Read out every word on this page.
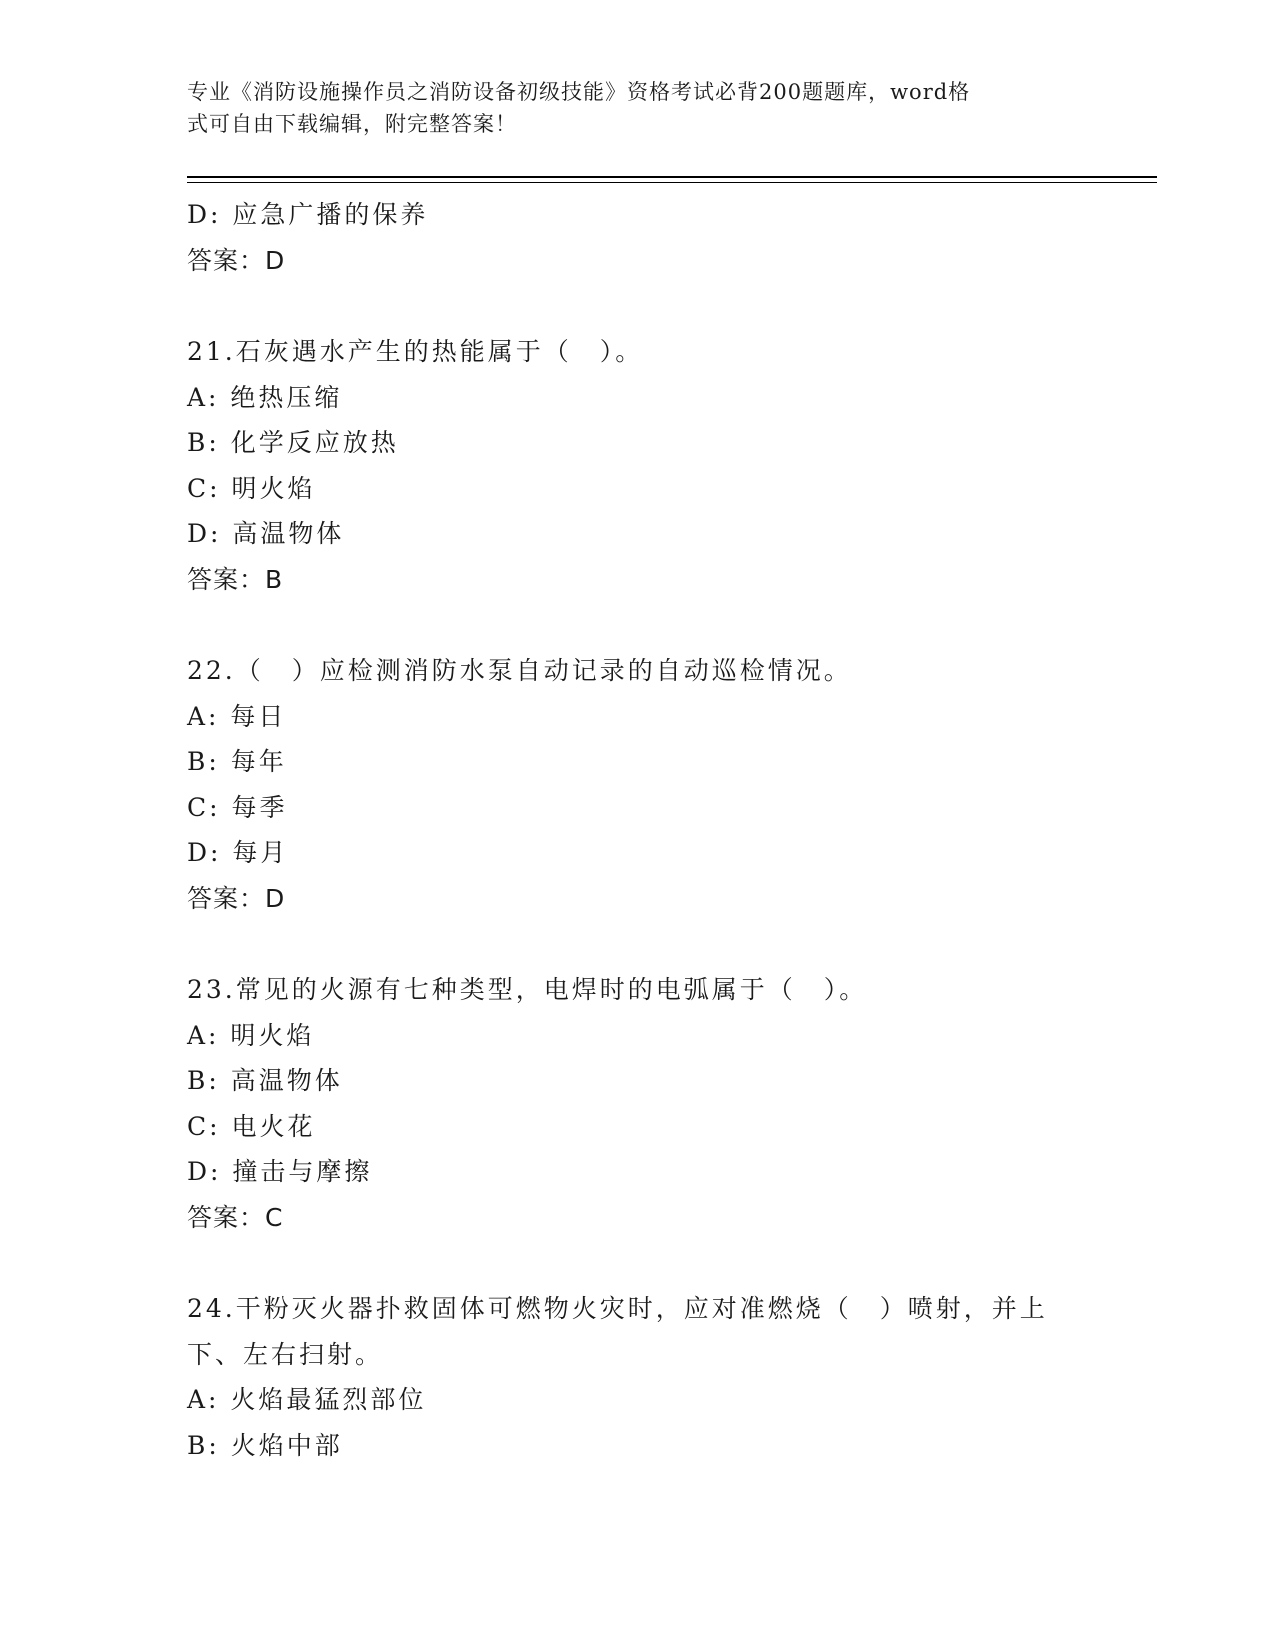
专业《消防设施操作员之消防设备初级技能》资格考试必背200题题库，word格
式可自由下载编辑，附完整答案！
D: 应急广播的保养
答案：D
21.石灰遇水产生的热能属于（　）。
A: 绝热压缩
B: 化学反应放热
C: 明火焰
D: 高温物体
答案：B
22.（　）应检测消防水泵自动记录的自动巡检情况。
A: 每日
B: 每年
C: 每季
D: 每月
答案：D
23.常见的火源有七种类型，电焊时的电弧属于（　）。
A: 明火焰
B: 高温物体
C: 电火花
D: 撞击与摩擦
答案：C
24.干粉灭火器扑救固体可燃物火灾时，应对准燃烧（　）喷射，并上
下、左右扫射。
A: 火焰最猛烈部位
B: 火焰中部
